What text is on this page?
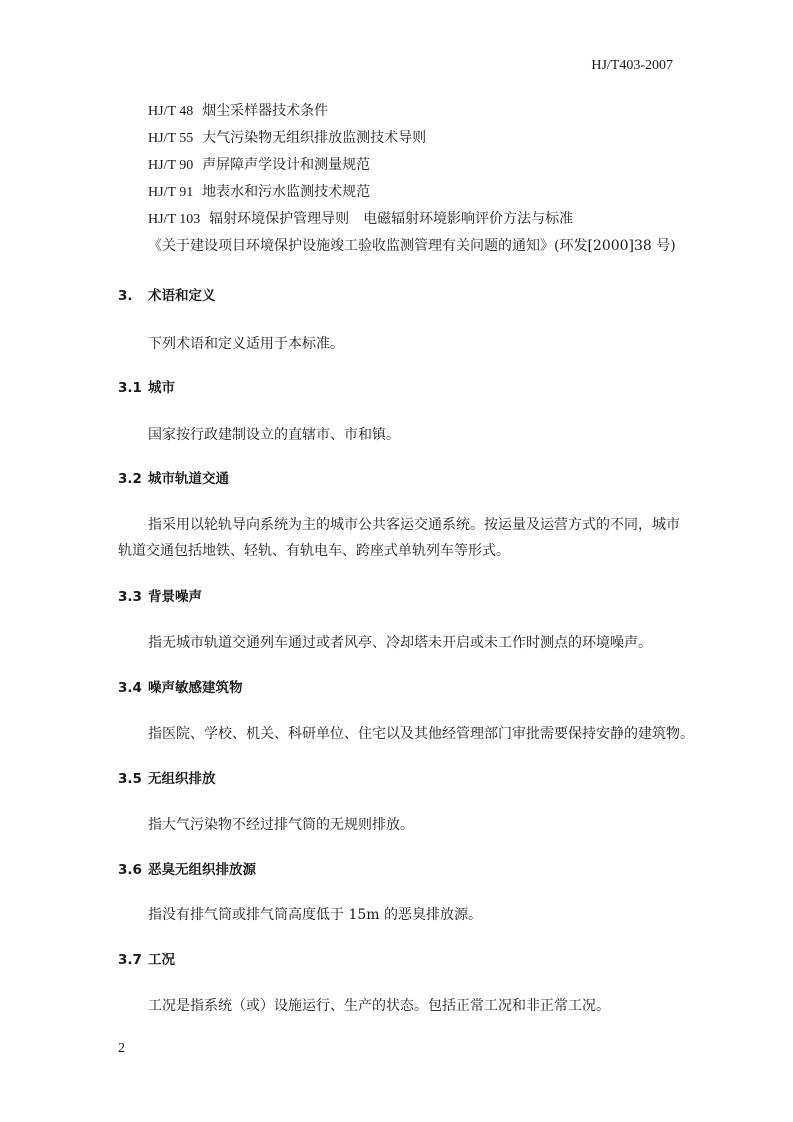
HJ/T403-2007
HJ/T 48 烟尘采样器技术条件
HJ/T 55 大气污染物无组织排放监测技术导则
HJ/T 90 声屏障声学设计和测量规范
HJ/T 91 地表水和污水监测技术规范
HJ/T 103 辐射环境保护管理导则　电磁辐射环境影响评价方法与标准
《关于建设项目环境保护设施竣工验收监测管理有关问题的通知》(环发[2000]38 号)
3. 术语和定义
下列术语和定义适用于本标准。
3.1 城市
国家按行政建制设立的直辖市、市和镇。
3.2 城市轨道交通
指采用以轮轨导向系统为主的城市公共客运交通系统。按运量及运营方式的不同，城市
轨道交通包括地铁、轻轨、有轨电车、跨座式单轨列车等形式。
3.3 背景噪声
指无城市轨道交通列车通过或者风亭、冷却塔未开启或未工作时测点的环境噪声。
3.4 噪声敏感建筑物
指医院、学校、机关、科研单位、住宅以及其他经管理部门审批需要保持安静的建筑物。
3.5 无组织排放
指大气污染物不经过排气筒的无规则排放。
3.6 恶臭无组织排放源
指没有排气筒或排气筒高度低于 15m 的恶臭排放源。
3.7 工况
工况是指系统（或）设施运行、生产的状态。包括正常工况和非正常工况。
2
